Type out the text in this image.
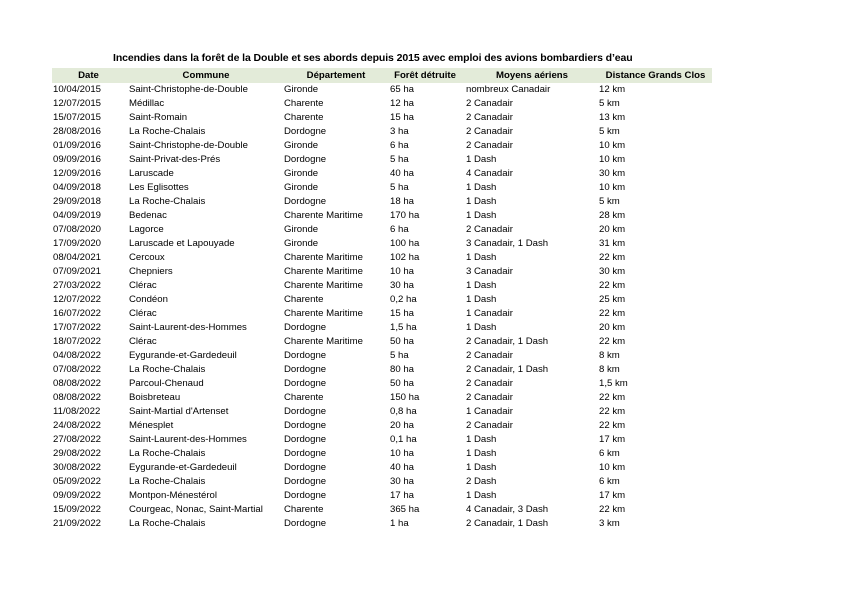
Incendies dans la forêt de la Double et ses abords depuis 2015 avec emploi des avions bombardiers d’eau
Date	Commune	Département	Forêt détruite	Moyens aériens	Distance Grands Clos
10/04/2015	Saint-Christophe-de-Double	Gironde	65 ha	nombreux Canadair	12 km
12/07/2015	Médillac	Charente	12 ha	2 Canadair	5 km
15/07/2015	Saint-Romain	Charente	15 ha	2 Canadair	13 km
28/08/2016	La Roche-Chalais	Dordogne	3 ha	2 Canadair	5 km
01/09/2016	Saint-Christophe-de-Double	Gironde	6 ha	2 Canadair	10 km
09/09/2016	Saint-Privat-des-Prés	Dordogne	5 ha	1 Dash	10 km
12/09/2016	Laruscade	Gironde	40 ha	4 Canadair	30 km
04/09/2018	Les Eglisottes	Gironde	5 ha	1 Dash	10 km
29/09/2018	La Roche-Chalais	Dordogne	18 ha	1 Dash	5 km
04/09/2019	Bedenac	Charente Maritime	170 ha	1 Dash	28 km
07/08/2020	Lagorce	Gironde	6 ha	2 Canadair	20 km
17/09/2020	Laruscade et Lapouyade	Gironde	100 ha	3 Canadair, 1 Dash	31 km
08/04/2021	Cercoux	Charente Maritime	102 ha	1 Dash	22 km
07/09/2021	Chepniers	Charente Maritime	10 ha	3 Canadair	30 km
27/03/2022	Clérac	Charente Maritime	30 ha	1 Dash	22 km
12/07/2022	Condéon	Charente	0,2 ha	1 Dash	25 km
16/07/2022	Clérac	Charente Maritime	15 ha	1 Canadair	22 km
17/07/2022	Saint-Laurent-des-Hommes	Dordogne	1,5 ha	1 Dash	20 km
18/07/2022	Clérac	Charente Maritime	50 ha	2 Canadair, 1 Dash	22 km
04/08/2022	Eygurande-et-Gardedeuil	Dordogne	5 ha	2 Canadair	8 km
07/08/2022	La Roche-Chalais	Dordogne	80 ha	2 Canadair, 1 Dash	8 km
08/08/2022	Parcoul-Chenaud	Dordogne	50 ha	2 Canadair	1,5 km
08/08/2022	Boisbreteau	Charente	150 ha	2 Canadair	22 km
11/08/2022	Saint-Martial d'Artenset	Dordogne	0,8 ha	1 Canadair	22 km
24/08/2022	Ménesplet	Dordogne	20 ha	2 Canadair	22 km
27/08/2022	Saint-Laurent-des-Hommes	Dordogne	0,1 ha	1 Dash	17 km
29/08/2022	La Roche-Chalais	Dordogne	10 ha	1 Dash	6 km
30/08/2022	Eygurande-et-Gardedeuil	Dordogne	40 ha	1 Dash	10 km
05/09/2022	La Roche-Chalais	Dordogne	30 ha	2 Dash	6 km
09/09/2022	Montpon-Ménestérol	Dordogne	17 ha	1 Dash	17 km
15/09/2022	Courgeac, Nonac, Saint-Martial	Charente	365 ha	4 Canadair, 3 Dash	22 km
21/09/2022	La Roche-Chalais	Dordogne	1 ha	2 Canadair, 1 Dash	3 km
